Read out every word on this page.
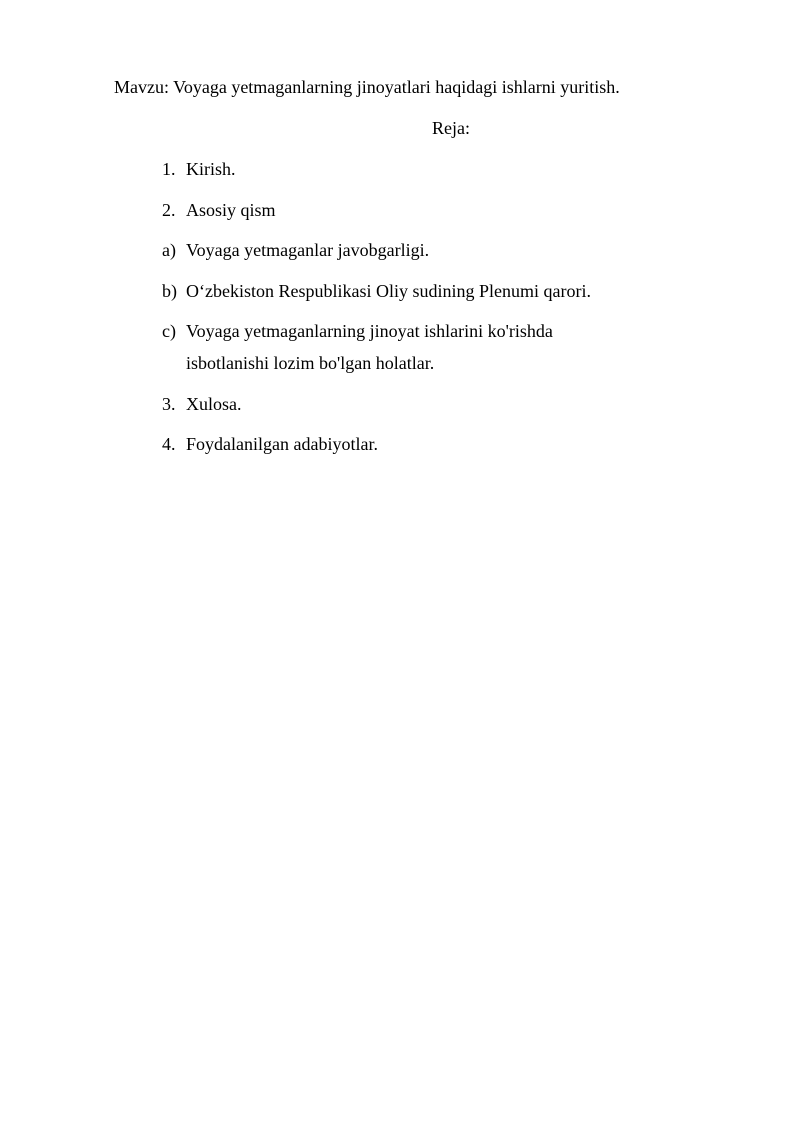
Mavzu: Voyaga yetmaganlarning jinoyatlari haqidagi ishlarni yuritish.
Reja:
1. Kirish.
2. Asosiy qism
a) Voyaga yetmaganlar javobgarligi.
b) O‘zbekiston Respublikasi Oliy sudining Plenumi qarori.
c) Voyaga yetmaganlarning jinoyat ishlarini ko'rishda
isbotlanishi lozim bo'lgan holatlar.
3. Xulosa.
4. Foydalanilgan adabiyotlar.
